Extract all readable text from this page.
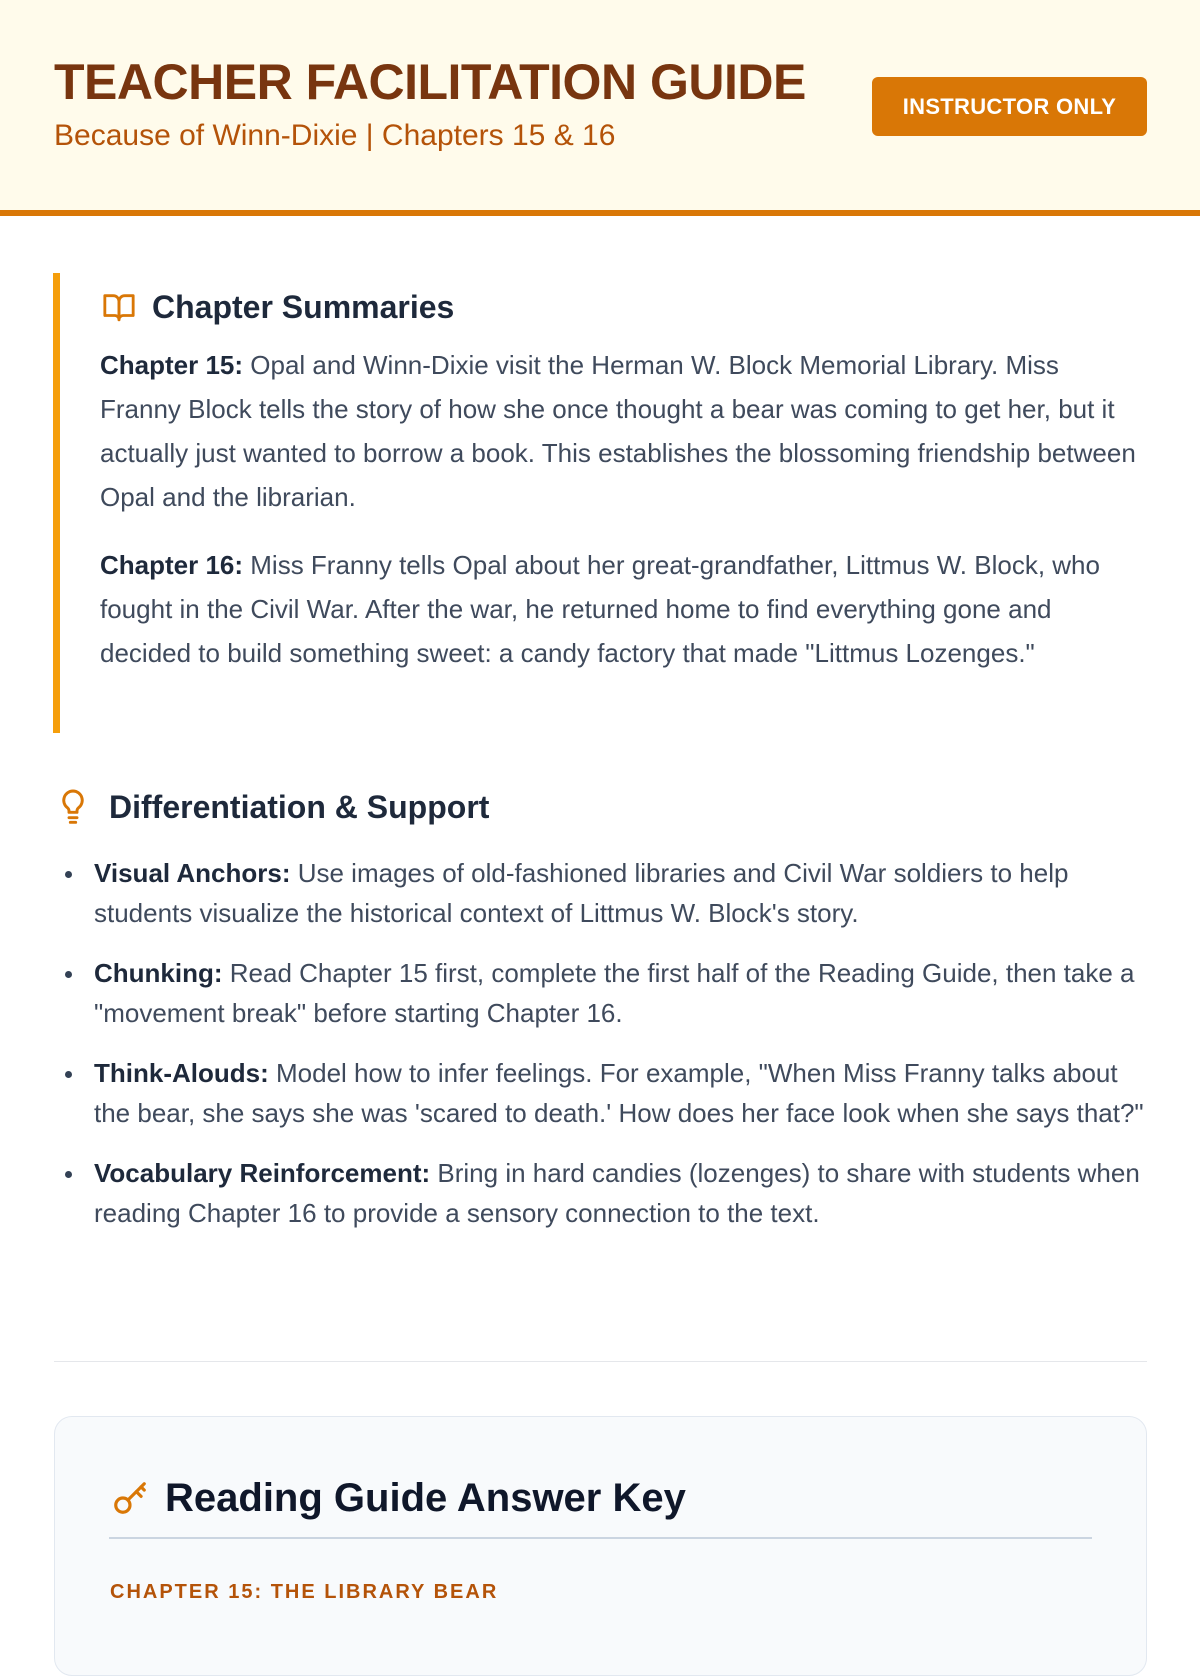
TEACHER FACILITATION GUIDE
Because of Winn-Dixie | Chapters 15 & 16
INSTRUCTOR ONLY
Chapter Summaries

Chapter 15: Opal and Winn-Dixie visit the Herman W. Block Memorial Library. Miss Franny Block tells the story of how she once thought a bear was coming to get her, but it actually just wanted to borrow a book. This establishes the blossoming friendship between Opal and the librarian.

Chapter 16: Miss Franny tells Opal about her great-grandfather, Littmus W. Block, who fought in the Civil War. After the war, he returned home to find everything gone and decided to build something sweet: a candy factory that made "Littmus Lozenges."

Differentiation & Support
Visual Anchors: Use images of old-fashioned libraries and Civil War soldiers to help students visualize the historical context of Littmus W. Block's story.
Chunking: Read Chapter 15 first, complete the first half of the Reading Guide, then take a "movement break" before starting Chapter 16.
Think-Alouds: Model how to infer feelings. For example, "When Miss Franny talks about the bear, she says she was 'scared to death.' How does her face look when she says that?"
Vocabulary Reinforcement: Bring in hard candies (lozenges) to share with students when reading Chapter 16 to provide a sensory connection to the text.
Reading Guide Answer Key
CHAPTER 15: THE LIBRARY BEAR
